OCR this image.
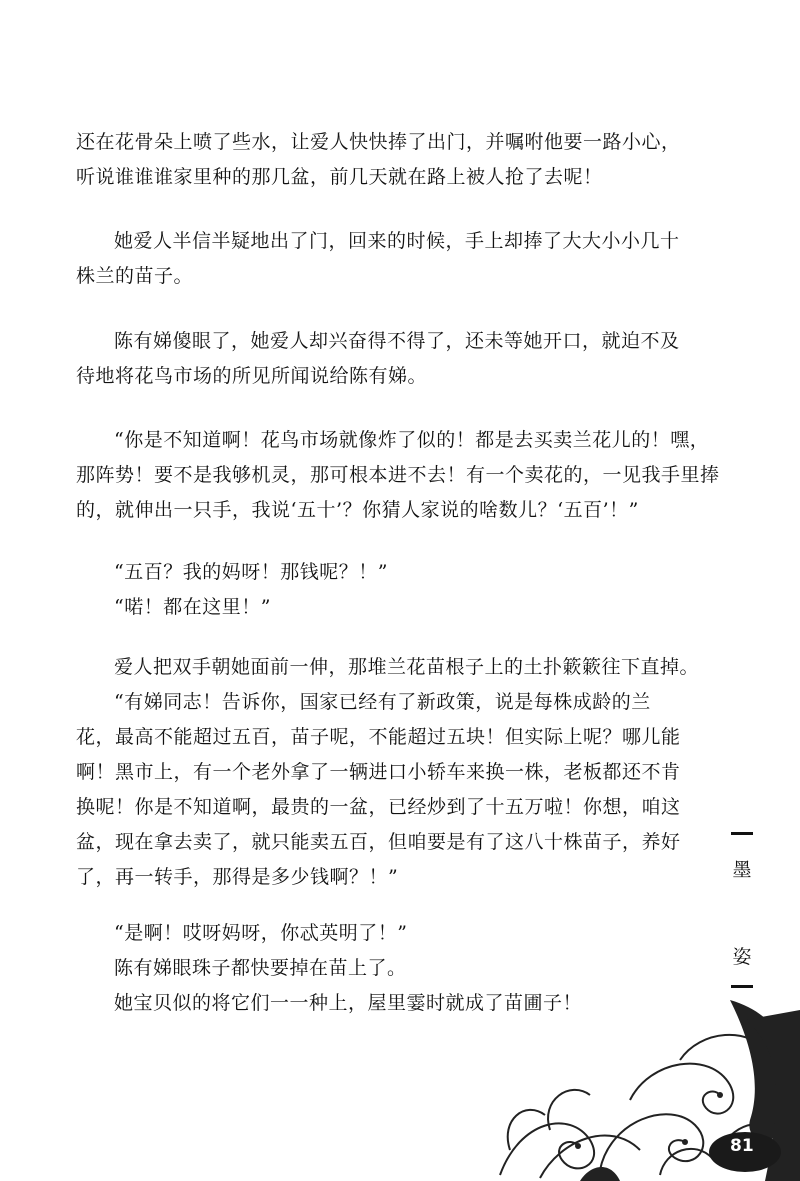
还在花骨朵上喷了些水，让爱人快快捧了出门，并嘱咐他要一路小心，
听说谁谁谁家里种的那几盆，前几天就在路上被人抢了去呢！
她爱人半信半疑地出了门，回来的时候，手上却捧了大大小小几十
株兰的苗子。
陈有娣傻眼了，她爱人却兴奋得不得了，还未等她开口，就迫不及
待地将花鸟市场的所见所闻说给陈有娣。
“你是不知道啊！花鸟市场就像炸了似的！都是去买卖兰花儿的！嘿，
那阵势！要不是我够机灵，那可根本进不去！有一个卖花的，一见我手里捧
的，就伸出一只手，我说‘五十’？你猜人家说的啥数儿？‘五百’！”
“五百？我的妈呀！那钱呢？！”
“喏！都在这里！”
爱人把双手朝她面前一伸，那堆兰花苗根子上的土扑簌簌往下直掉。
“有娣同志！告诉你，国家已经有了新政策，说是每株成龄的兰
花，最高不能超过五百，苗子呢，不能超过五块！但实际上呢？哪儿能
啊！黑市上，有一个老外拿了一辆进口小轿车来换一株，老板都还不肯
换呢！你是不知道啊，最贵的一盆，已经炒到了十五万啦！你想，咱这
盆，现在拿去卖了，就只能卖五百，但咱要是有了这八十株苗子，养好
了，再一转手，那得是多少钱啊？！”
“是啊！哎呀妈呀，你忒英明了！”
陈有娣眼珠子都快要掉在苗上了。
她宝贝似的将它们一一种上，屋里霎时就成了苗圃子！
墨
姿
81
